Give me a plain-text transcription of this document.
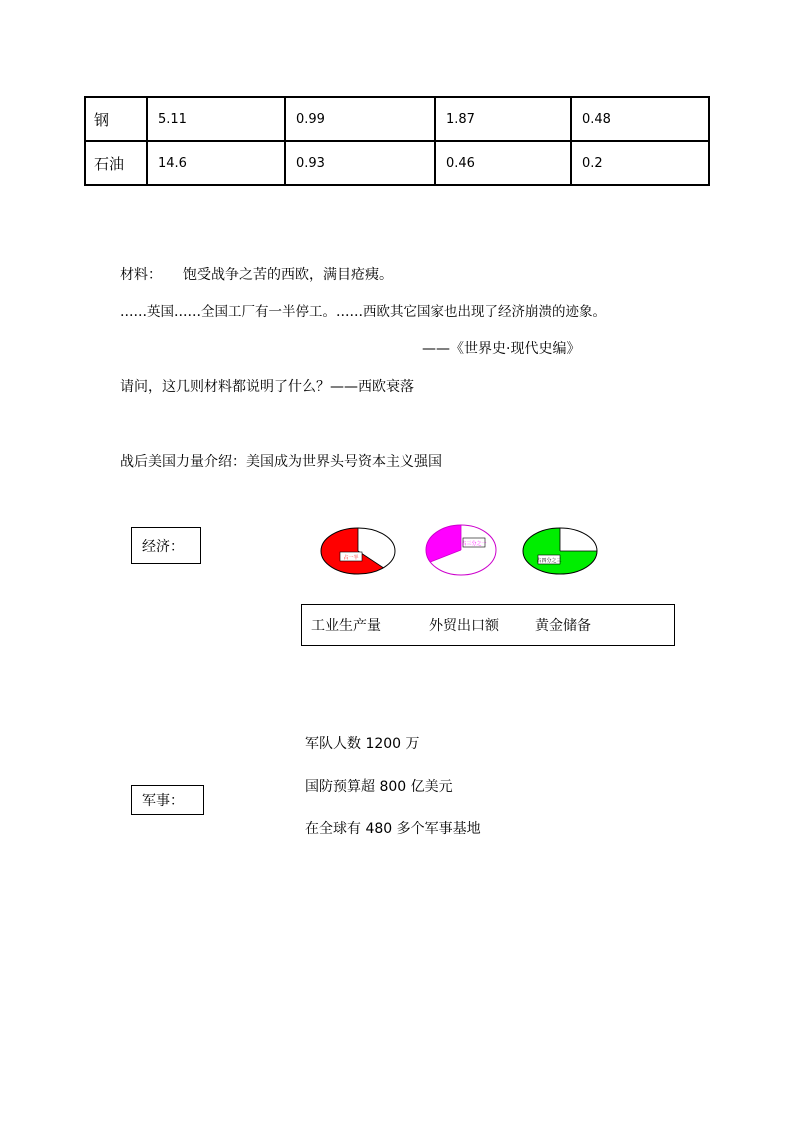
钢	5.11	0.99	1.87	0.48
石油	14.6	0.93	0.46	0.2
材料： 饱受战争之苦的西欧，满目疮痍。
……英国……全国工厂有一半停工。……西欧其它国家也出现了经济崩溃的迹象。
——《世界史·现代史编》
请问，这几则材料都说明了什么？——西欧衰落
战后美国力量介绍：美国成为世界头号资本主义强国
经济：
占一半
占三分之一
占四分之三
工业生产量	外贸出口额	黄金储备
军队人数 1200 万
国防预算超 800 亿美元
军事：
在全球有 480 多个军事基地
